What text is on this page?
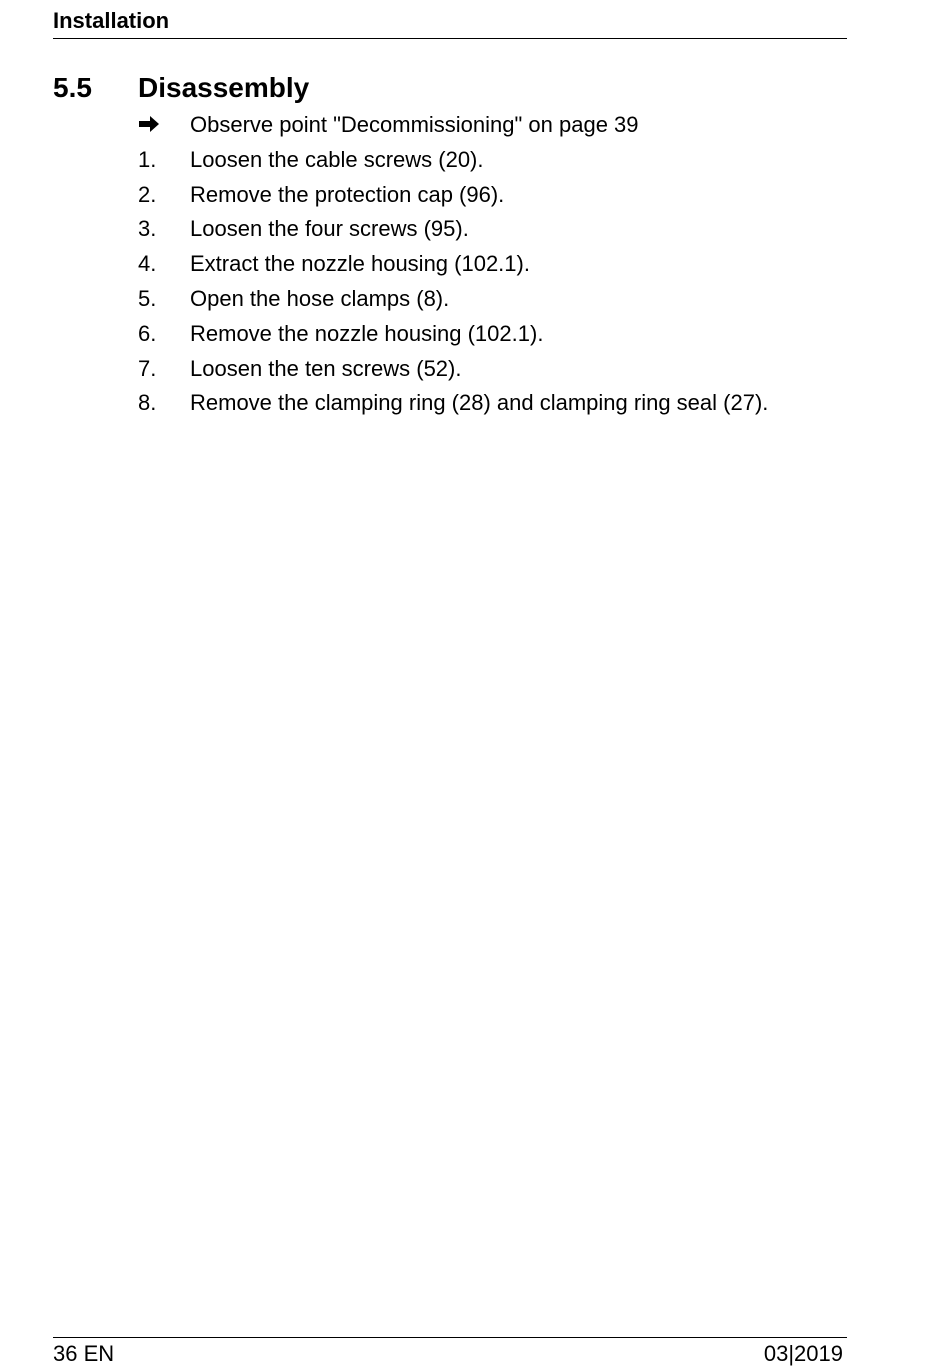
Installation
5.5 Disassembly
Observe point "Decommissioning" on page 39
1.	Loosen the cable screws (20).
2.	Remove the protection cap (96).
3.	Loosen the four screws (95).
4.	Extract the nozzle housing (102.1).
5.	Open the hose clamps (8).
6.	Remove the nozzle housing (102.1).
7.	Loosen the ten screws (52).
8.	Remove the clamping ring (28) and clamping ring seal (27).
36 EN	03|2019
